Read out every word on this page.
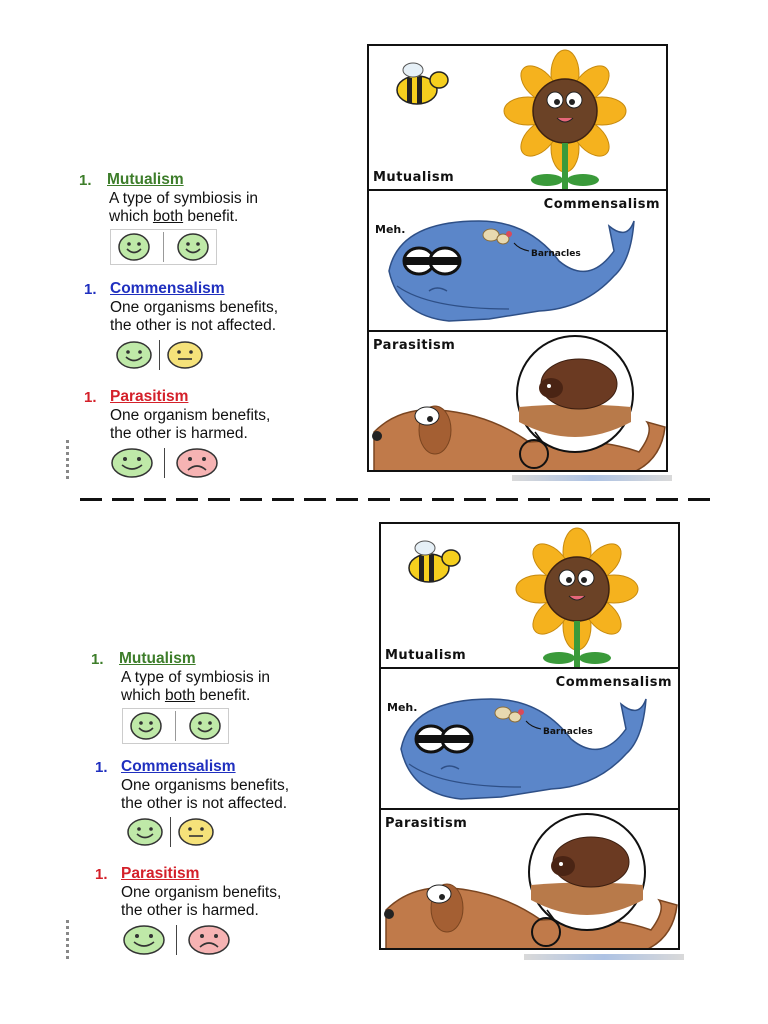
1. Mutualism
A type of symbiosis in
which both benefit.
1. Commensalism
One organisms benefits,
the other is not affected.
1. Parasitism
One organism benefits,
the other is harmed.
Mutualism
Commensalism
Meh.
Barnacles
Parasitism
1. Mutualism
A type of symbiosis in
which both benefit.
1. Commensalism
One organisms benefits,
the other is not affected.
1. Parasitism
One organism benefits,
the other is harmed.
Mutualism
Commensalism
Meh.
Barnacles
Parasitism
